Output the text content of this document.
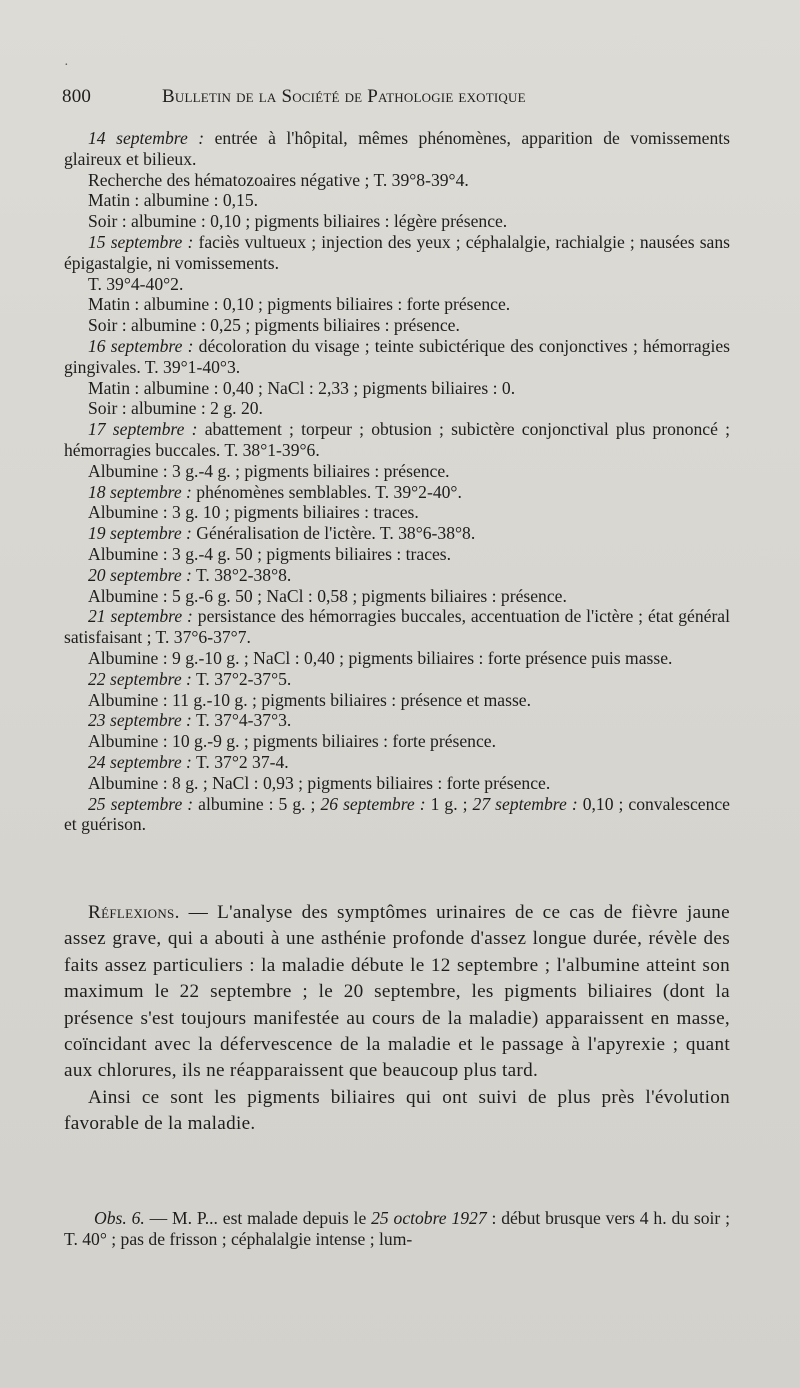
800	Bulletin de la Société de Pathologie exotique

14 septembre : entrée à l'hôpital, mêmes phénomènes, apparition de vomissements glaireux et bilieux.

Recherche des hématozoaires négative ; T. 39°8-39°4.

Matin : albumine : 0,15.

Soir : albumine : 0,10 ; pigments biliaires : légère présence.

15 septembre : faciès vultueux ; injection des yeux ; céphalalgie, rachialgie ; nausées sans épigastalgie, ni vomissements.

T. 39°4-40°2.

Matin : albumine : 0,10 ; pigments biliaires : forte présence.

Soir : albumine : 0,25 ; pigments biliaires : présence.

16 septembre : décoloration du visage ; teinte subictérique des conjonctives ; hémorragies gingivales. T. 39°1-40°3.

Matin : albumine : 0,40 ; NaCl : 2,33 ; pigments biliaires : 0.

Soir : albumine : 2 g. 20.

17 septembre : abattement ; torpeur ; obtusion ; subictère conjonctival plus prononcé ; hémorragies buccales. T. 38°1-39°6.

Albumine : 3 g.-4 g. ; pigments biliaires : présence.

18 septembre : phénomènes semblables. T. 39°2-40°.

Albumine : 3 g. 10 ; pigments biliaires : traces.

19 septembre : Généralisation de l'ictère. T. 38°6-38°8.

Albumine : 3 g.-4 g. 50 ; pigments biliaires : traces.

20 septembre : T. 38°2-38°8.

Albumine : 5 g.-6 g. 50 ; NaCl : 0,58 ; pigments biliaires : présence.

21 septembre : persistance des hémorragies buccales, accentuation de l'ictère ; état général satisfaisant ; T. 37°6-37°7.

Albumine : 9 g.-10 g. ; NaCl : 0,40 ; pigments biliaires : forte présence puis masse.

22 septembre : T. 37°2-37°5.

Albumine : 11 g.-10 g. ; pigments biliaires : présence et masse.

23 septembre : T. 37°4-37°3.

Albumine : 10 g.-9 g. ; pigments biliaires : forte présence.

24 septembre : T. 37°2 37-4.

Albumine : 8 g. ; NaCl : 0,93 ; pigments biliaires : forte présence.

25 septembre : albumine : 5 g. ; 26 septembre : 1 g. ; 27 septembre : 0,10 ; convalescence et guérison.

Réflexions. — L'analyse des symptômes urinaires de ce cas de fièvre jaune assez grave, qui a abouti à une asthénie profonde d'assez longue durée, révèle des faits assez particuliers : la maladie débute le 12 septembre ; l'albumine atteint son maximum le 22 septembre ; le 20 septembre, les pigments biliaires (dont la présence s'est toujours manifestée au cours de la maladie) apparaissent en masse, coïncidant avec la défervescence de la maladie et le passage à l'apyrexie ; quant aux chlorures, ils ne réapparaissent que beaucoup plus tard.

Ainsi ce sont les pigments biliaires qui ont suivi de plus près l'évolution favorable de la maladie.

Obs. 6. — M. P... est malade depuis le 25 octobre 1927 : début brusque vers 4 h. du soir ; T. 40° ; pas de frisson ; céphalalgie intense ; lum-

·
